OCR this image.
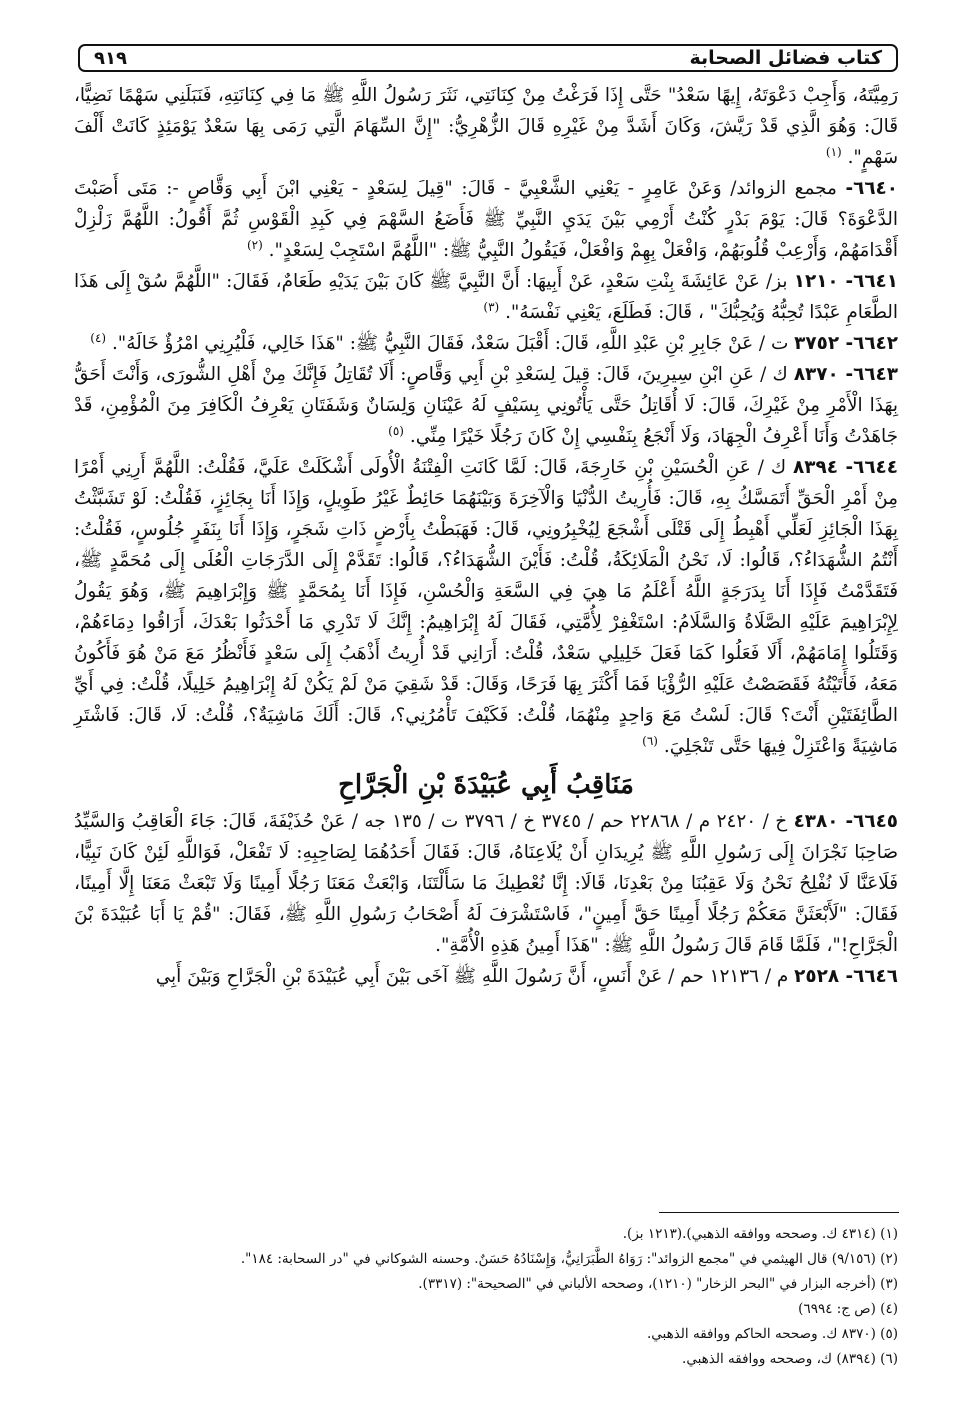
كتاب فضائل الصحابة
٩١٩

رَمِيَّتَهُ، وَأَجِبْ دَعْوَتَهُ، إِيهًا سَعْدُ" حَتَّى إِذَا فَرَغْتُ مِنْ كِنَانَتِي، نَثَرَ رَسُولُ اللَّهِ ﷺ مَا فِي كِنَانَتِهِ، فَنَبَلَنِي سَهْمًا نَضِيًّا، قَالَ: وَهُوَ الَّذِي قَدْ رَيَّشَ، وَكَانَ أَشَدَّ مِنْ غَيْرِهِ قَالَ الزُّهْرِيُّ: "إِنَّ السِّهَامَ الَّتِي رَمَى بِهَا سَعْدٌ يَوْمَئِذٍ كَانَتْ أَلْفَ سَهْمٍ". $^{(١)}$

٦٦٤٠- مجمع الزوائد/ وَعَنْ عَامِرٍ - يَعْنِي الشَّعْبِيَّ - قَالَ: "قِيلَ لِسَعْدٍ - يَعْنِي ابْنَ أَبِي وَقَّاصٍ -: مَتَى أَصَبْتَ الدَّعْوَةَ؟ قَالَ: يَوْمَ بَدْرٍ كُنْتُ أَرْمِي بَيْنَ يَدَيِ النَّبِيِّ ﷺ فَأَضَعُ السَّهْمَ فِي كَبِدِ الْقَوْسِ ثُمَّ أَقُولُ: اللَّهُمَّ زَلْزِلْ أَقْدَامَهُمْ، وَأَرْعِبْ قُلُوبَهُمْ، وَافْعَلْ بِهِمْ وَافْعَلْ، فَيَقُولُ النَّبِيُّ ﷺ: "اللَّهُمَّ اسْتَجِبْ لِسَعْدٍ". $^{(٢)}$

٦٦٤١- ١٢١٠ بز/ عَنْ عَائِشَةَ بِنْتِ سَعْدٍ، عَنْ أَبِيهَا: أَنَّ النَّبِيَّ ﷺ كَانَ بَيْنَ يَدَيْهِ طَعَامٌ، فَقَالَ: "اللَّهُمَّ سُقْ إِلَى هَذَا الطَّعَامِ عَبْدًا تُحِبُّهُ وَيُحِبُّكَ" ، قَالَ: فَطَلَعَ، يَعْنِي نَفْسَهُ". $^{(٣)}$

٦٦٤٢- ٣٧٥٢ ت / عَنْ جَابِرِ بْنِ عَبْدِ اللَّهِ، قَالَ: أَقْبَلَ سَعْدٌ، فَقَالَ النَّبِيُّ ﷺ: "هَذَا خَالِي، فَلْيُرِنِي امْرُؤٌ خَالَهُ". $^{(٤)}$

٦٦٤٣- ٨٣٧٠ ك / عَنِ ابْنِ سِيرِينَ، قَالَ: قِيلَ لِسَعْدِ بْنِ أَبِي وَقَّاصٍ: أَلَا تُقَاتِلُ فَإِنَّكَ مِنْ أَهْلِ الشُّورَى، وَأَنْتَ أَحَقُّ بِهَذَا الْأَمْرِ مِنْ غَيْرِكَ، قَالَ: لَا أُقَاتِلُ حَتَّى يَأْتُونِي بِسَيْفٍ لَهُ عَيْنَانِ وَلِسَانٌ وَشَفَتَانِ يَعْرِفُ الْكَافِرَ مِنَ الْمُؤْمِنِ، قَدْ جَاهَدْتُ وَأَنَا أَعْرِفُ الْجِهَادَ، وَلَا أَنْجَعُ بِنَفْسِي إِنْ كَانَ رَجُلًا خَيْرًا مِنِّي. $^{(٥)}$

٦٦٤٤- ٨٣٩٤ ك / عَنِ الْحُسَيْنِ بْنِ خَارِجَةَ، قَالَ: لَمَّا كَانَتِ الْفِتْنَةُ الْأُولَى أَشْكَلَتْ عَلَيَّ، فَقُلْتُ: اللَّهُمَّ أَرِنِي أَمْرًا مِنْ أَمْرِ الْحَقِّ أَتَمَسَّكُ بِهِ، قَالَ: فَأُرِيتُ الدُّنْيَا وَالْآخِرَةَ وَبَيْنَهُمَا حَائِطٌ غَيْرُ طَوِيلٍ، وَإِذَا أَنَا بِجَائِزٍ، فَقُلْتُ: لَوْ تَشَبَّثْتُ بِهَذَا الْجَائِزِ لَعَلِّي أَهْبِطُ إِلَى قَتْلَى أَشْجَعَ لِيُخْبِرُونِي، قَالَ: فَهَبَطْتُ بِأَرْضٍ ذَاتِ شَجَرٍ، وَإِذَا أَنَا بِنَفَرٍ جُلُوسٍ، فَقُلْتُ: أَنْتُمُ الشُّهَدَاءُ؟، قَالُوا: لَا، نَحْنُ الْمَلَائِكَةُ، قُلْتُ: فَأَيْنَ الشُّهَدَاءُ؟، قَالُوا: تَقَدَّمْ إِلَى الدَّرَجَاتِ الْعُلَى إِلَى مُحَمَّدٍ ﷺ، فَتَقَدَّمْتُ فَإِذَا أَنَا بِدَرَجَةٍ اللَّهُ أَعْلَمُ مَا هِيَ فِي السَّعَةِ وَالْحُسْنِ، فَإِذَا أَنَا بِمُحَمَّدٍ ﷺ وَإِبْرَاهِيمَ ﷺ، وَهُوَ يَقُولُ لِإِبْرَاهِيمَ عَلَيْهِ الصَّلَاةُ وَالسَّلَامُ: اسْتَغْفِرْ لِأُمَّتِي، فَقَالَ لَهُ إِبْرَاهِيمُ: إِنَّكَ لَا تَدْرِي مَا أَحْدَثُوا بَعْدَكَ، أَرَاقُوا دِمَاءَهُمْ، وَقَتَلُوا إِمَامَهُمْ، أَلَا فَعَلُوا كَمَا فَعَلَ خَلِيلِي سَعْدٌ، قُلْتُ: أَرَانِي قَدْ أُرِيتُ أَذْهَبُ إِلَى سَعْدٍ فَأَنْظُرُ مَعَ مَنْ هُوَ فَأَكُونُ مَعَهُ، فَأَتَيْتُهُ فَقَصَصْتُ عَلَيْهِ الرُّؤْيَا فَمَا أَكْثَرَ بِهَا فَرَحًا، وَقَالَ: قَدْ شَقِيَ مَنْ لَمْ يَكُنْ لَهُ إِبْرَاهِيمُ خَلِيلًا، قُلْتُ: فِي أَيِّ الطَّائِفَتَيْنِ أَنْتَ؟ قَالَ: لَسْتُ مَعَ وَاحِدٍ مِنْهُمَا، قُلْتُ: فَكَيْفَ تَأْمُرُنِي؟، قَالَ: أَلَكَ مَاشِيَةٌ؟، قُلْتُ: لَا، قَالَ: فَاشْتَرِ مَاشِيَةً وَاعْتَزِلْ فِيهَا حَتَّى تَنْجَلِيَ. $^{(٦)}$

مَنَاقِبُ أَبِي عُبَيْدَةَ بْنِ الْجَرَّاحِ

٦٦٤٥- ٤٣٨٠ خ / ٢٤٢٠ م / ٢٢٨٦٨ حم / ٣٧٤٥ خ / ٣٧٩٦ ت / ١٣٥ جه / عَنْ حُذَيْفَةَ، قَالَ: جَاءَ الْعَاقِبُ وَالسَّيِّدُ صَاحِبَا نَجْرَانَ إِلَى رَسُولِ اللَّهِ ﷺ يُرِيدَانِ أَنْ يُلَاعِنَاهُ، قَالَ: فَقَالَ أَحَدُهُمَا لِصَاحِبِهِ: لَا تَفْعَلْ، فَوَاللَّهِ لَئِنْ كَانَ نَبِيًّا، فَلَاعَنَّا لَا نُفْلِحُ نَحْنُ وَلَا عَقِبُنَا مِنْ بَعْدِنَا، قَالَا: إِنَّا نُعْطِيكَ مَا سَأَلْتَنَا، وَابْعَثْ مَعَنَا رَجُلًا أَمِينًا وَلَا تَبْعَثْ مَعَنَا إِلَّا أَمِينًا، فَقَالَ: "لَأَبْعَثَنَّ مَعَكُمْ رَجُلًا أَمِينًا حَقَّ أَمِينٍ"، فَاسْتَشْرَفَ لَهُ أَصْحَابُ رَسُولِ اللَّهِ ﷺ، فَقَالَ: "قُمْ يَا أَبَا عُبَيْدَةَ بْنَ الْجَرَّاحِ!"، فَلَمَّا قَامَ قَالَ رَسُولُ اللَّهِ ﷺ: "هَذَا أَمِينُ هَذِهِ الْأُمَّةِ".

٦٦٤٦- ٢٥٢٨ م / ١٢١٣٦ حم / عَنْ أَنَسٍ، أَنَّ رَسُولَ اللَّهِ ﷺ آخَى بَيْنَ أَبِي عُبَيْدَةَ بْنِ الْجَرَّاحِ وَبَيْنَ أَبِي

(١) (٤٣١٤ ك. وصححه ووافقه الذهبي).(١٢١٣ بز).
(٢) (٩/١٥٦) قال الهيثمي في "مجمع الزوائد": رَوَاهُ الطَّبَرَانِيُّ، وَإِسْنَادُهُ حَسَنٌ. وحسنه الشوكاني في "در السحابة: ١٨٤".
(٣) (أخرجه البزار في "البحر الزخار" (١٢١٠)، وصححه الألباني في "الصحيحة": (٣٣١٧).
(٤) (ص ج: ٦٩٩٤)
(٥) (٨٣٧٠ ك. وصححه الحاكم ووافقه الذهبي.
(٦) (٨٣٩٤) ك، وصححه ووافقه الذهبي.
